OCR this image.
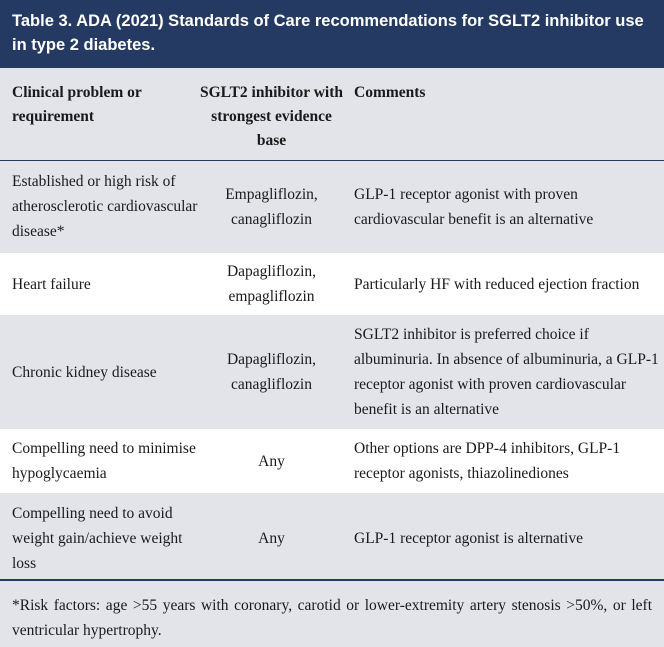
Table 3. ADA (2021) Standards of Care recommendations for SGLT2 inhibitor use in type 2 diabetes.
Clinical problem or requirement	SGLT2 inhibitor with strongest evidence base	Comments
Established or high risk of atherosclerotic cardiovascular disease*	Empagliflozin, canagliflozin	GLP-1 receptor agonist with proven cardiovascular benefit is an alternative
Heart failure	Dapagliflozin, empagliflozin	Particularly HF with reduced ejection fraction
Chronic kidney disease	Dapagliflozin, canagliflozin	SGLT2 inhibitor is preferred choice if albuminuria. In absence of albuminuria, a GLP-1 receptor agonist with proven cardiovascular benefit is an alternative
Compelling need to minimise hypoglycaemia	Any	Other options are DPP-4 inhibitors, GLP-1 receptor agonists, thiazolinediones
Compelling need to avoid weight gain/achieve weight loss	Any	GLP-1 receptor agonist is alternative
*Risk factors: age >55 years with coronary, carotid or lower-extremity artery stenosis >50%, or left ventricular hypertrophy.
